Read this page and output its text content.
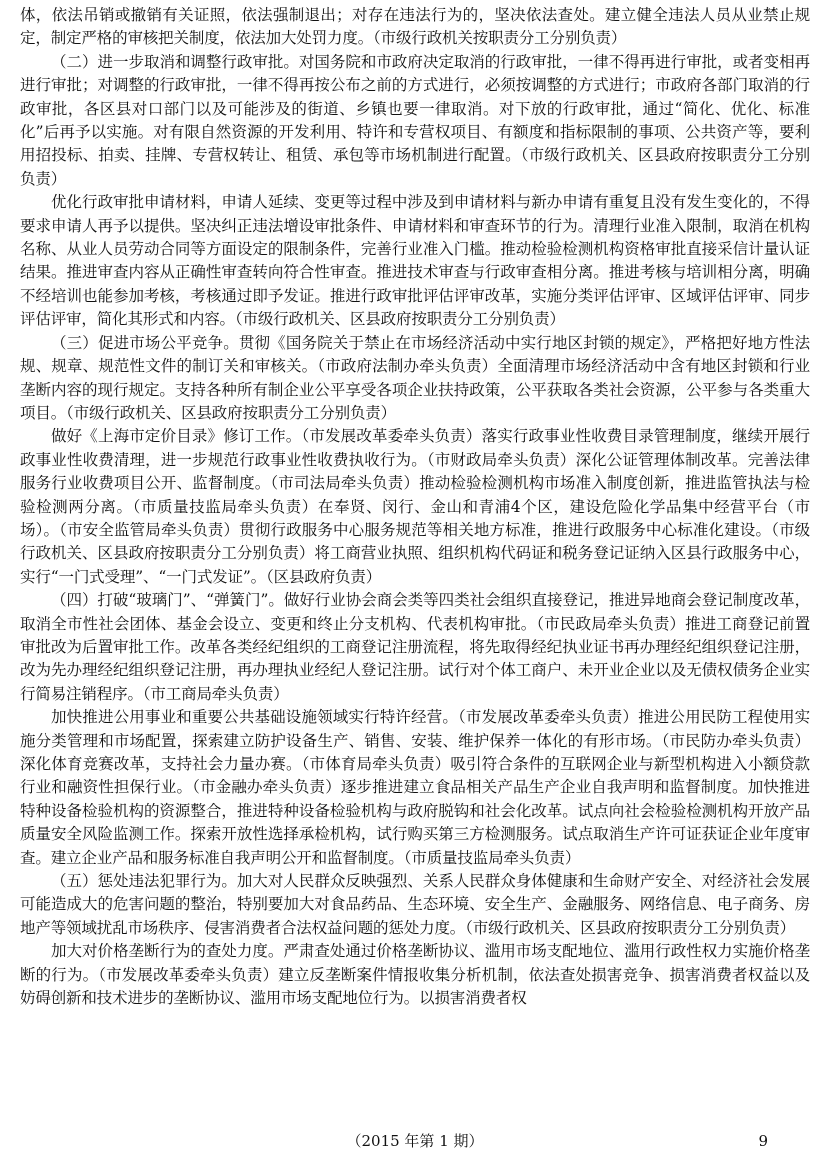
体，依法吊销或撤销有关证照，依法强制退出；对存在违法行为的，坚决依法查处。建立健全违法人员从业禁止规定，制定严格的审核把关制度，依法加大处罚力度。（市级行政机关按职责分工分别负责）

（二）进一步取消和调整行政审批。对国务院和市政府决定取消的行政审批，一律不得再进行审批，或者变相再进行审批；对调整的行政审批，一律不得再按公布之前的方式进行，必须按调整的方式进行；市政府各部门取消的行政审批，各区县对口部门以及可能涉及的街道、乡镇也要一律取消。对下放的行政审批，通过“简化、优化、标准化”后再予以实施。对有限自然资源的开发利用、特许和专营权项目、有额度和指标限制的事项、公共资产等，要利用招投标、拍卖、挂牌、专营权转让、租赁、承包等市场机制进行配置。（市级行政机关、区县政府按职责分工分别负责）

优化行政审批申请材料，申请人延续、变更等过程中涉及到申请材料与新办申请有重复且没有发生变化的，不得要求申请人再予以提供。坚决纠正违法增设审批条件、申请材料和审查环节的行为。清理行业准入限制，取消在机构名称、从业人员劳动合同等方面设定的限制条件，完善行业准入门槛。推动检验检测机构资格审批直接采信计量认证结果。推进审查内容从正确性审查转向符合性审查。推进技术审查与行政审查相分离。推进考核与培训相分离，明确不经培训也能参加考核，考核通过即予发证。推进行政审批评估评审改革，实施分类评估评审、区域评估评审、同步评估评审，简化其形式和内容。（市级行政机关、区县政府按职责分工分别负责）

（三）促进市场公平竞争。贯彻《国务院关于禁止在市场经济活动中实行地区封锁的规定》，严格把好地方性法规、规章、规范性文件的制订关和审核关。（市政府法制办牵头负责）全面清理市场经济活动中含有地区封锁和行业垄断内容的现行规定。支持各种所有制企业公平享受各项企业扶持政策，公平获取各类社会资源，公平参与各类重大项目。（市级行政机关、区县政府按职责分工分别负责）

做好《上海市定价目录》修订工作。（市发展改革委牵头负责）落实行政事业性收费目录管理制度，继续开展行政事业性收费清理，进一步规范行政事业性收费执收行为。（市财政局牵头负责）深化公证管理体制改革。完善法律服务行业收费项目公开、监督制度。（市司法局牵头负责）推动检验检测机构市场准入制度创新，推进监管执法与检验检测两分离。（市质量技监局牵头负责）在奉贤、闵行、金山和青浦4个区，建设危险化学品集中经营平台（市场）。（市安全监管局牵头负责）贯彻行政服务中心服务规范等相关地方标准，推进行政服务中心标准化建设。（市级行政机关、区县政府按职责分工分别负责）将工商营业执照、组织机构代码证和税务登记证纳入区县行政服务中心，实行“一门式受理”、“一门式发证”。（区县政府负责）

（四）打破“玻璃门”、“弹簧门”。做好行业协会商会类等四类社会组织直接登记，推进异地商会登记制度改革，取消全市性社会团体、基金会设立、变更和终止分支机构、代表机构审批。（市民政局牵头负责）推进工商登记前置审批改为后置审批工作。改革各类经纪组织的工商登记注册流程，将先取得经纪执业证书再办理经纪组织登记注册，改为先办理经纪组织登记注册，再办理执业经纪人登记注册。试行对个体工商户、未开业企业以及无债权债务企业实行简易注销程序。（市工商局牵头负责）

加快推进公用事业和重要公共基础设施领域实行特许经营。（市发展改革委牵头负责）推进公用民防工程使用实施分类管理和市场配置，探索建立防护设备生产、销售、安装、维护保养一体化的有形市场。（市民防办牵头负责）深化体育竞赛改革，支持社会力量办赛。（市体育局牵头负责）吸引符合条件的互联网企业与新型机构进入小额贷款行业和融资性担保行业。（市金融办牵头负责）逐步推进建立食品相关产品生产企业自我声明和监督制度。加快推进特种设备检验机构的资源整合，推进特种设备检验机构与政府脱钩和社会化改革。试点向社会检验检测机构开放产品质量安全风险监测工作。探索开放性选择承检机构，试行购买第三方检测服务。试点取消生产许可证获证企业年度审查。建立企业产品和服务标准自我声明公开和监督制度。（市质量技监局牵头负责）

（五）惩处违法犯罪行为。加大对人民群众反映强烈、关系人民群众身体健康和生命财产安全、对经济社会发展可能造成大的危害问题的整治，特别要加大对食品药品、生态环境、安全生产、金融服务、网络信息、电子商务、房地产等领域扰乱市场秩序、侵害消费者合法权益问题的惩处力度。（市级行政机关、区县政府按职责分工分别负责）

加大对价格垄断行为的查处力度。严肃查处通过价格垄断协议、滥用市场支配地位、滥用行政性权力实施价格垄断的行为。（市发展改革委牵头负责）建立反垄断案件情报收集分析机制，依法查处损害竞争、损害消费者权益以及妨碍创新和技术进步的垄断协议、滥用市场支配地位行为。以损害消费者权

（2015 年第 1 期）	9
